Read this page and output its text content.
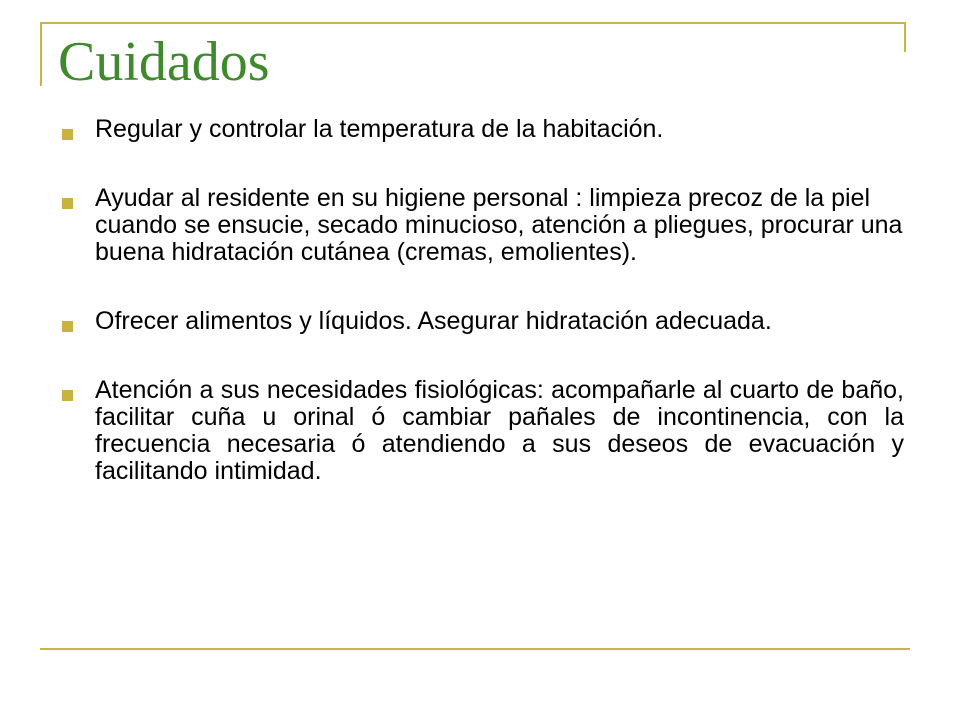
Cuidados
Regular y controlar la temperatura de la habitación.
Ayudar al residente en su higiene personal : limpieza precoz de la piel cuando se ensucie, secado minucioso, atención a pliegues, procurar una buena hidratación cutánea (cremas, emolientes).
Ofrecer alimentos y líquidos. Asegurar hidratación adecuada.
Atención a sus necesidades fisiológicas: acompañarle al cuarto de baño, facilitar cuña u orinal ó cambiar pañales de incontinencia, con la frecuencia necesaria ó atendiendo a sus deseos de evacuación y facilitando intimidad.
